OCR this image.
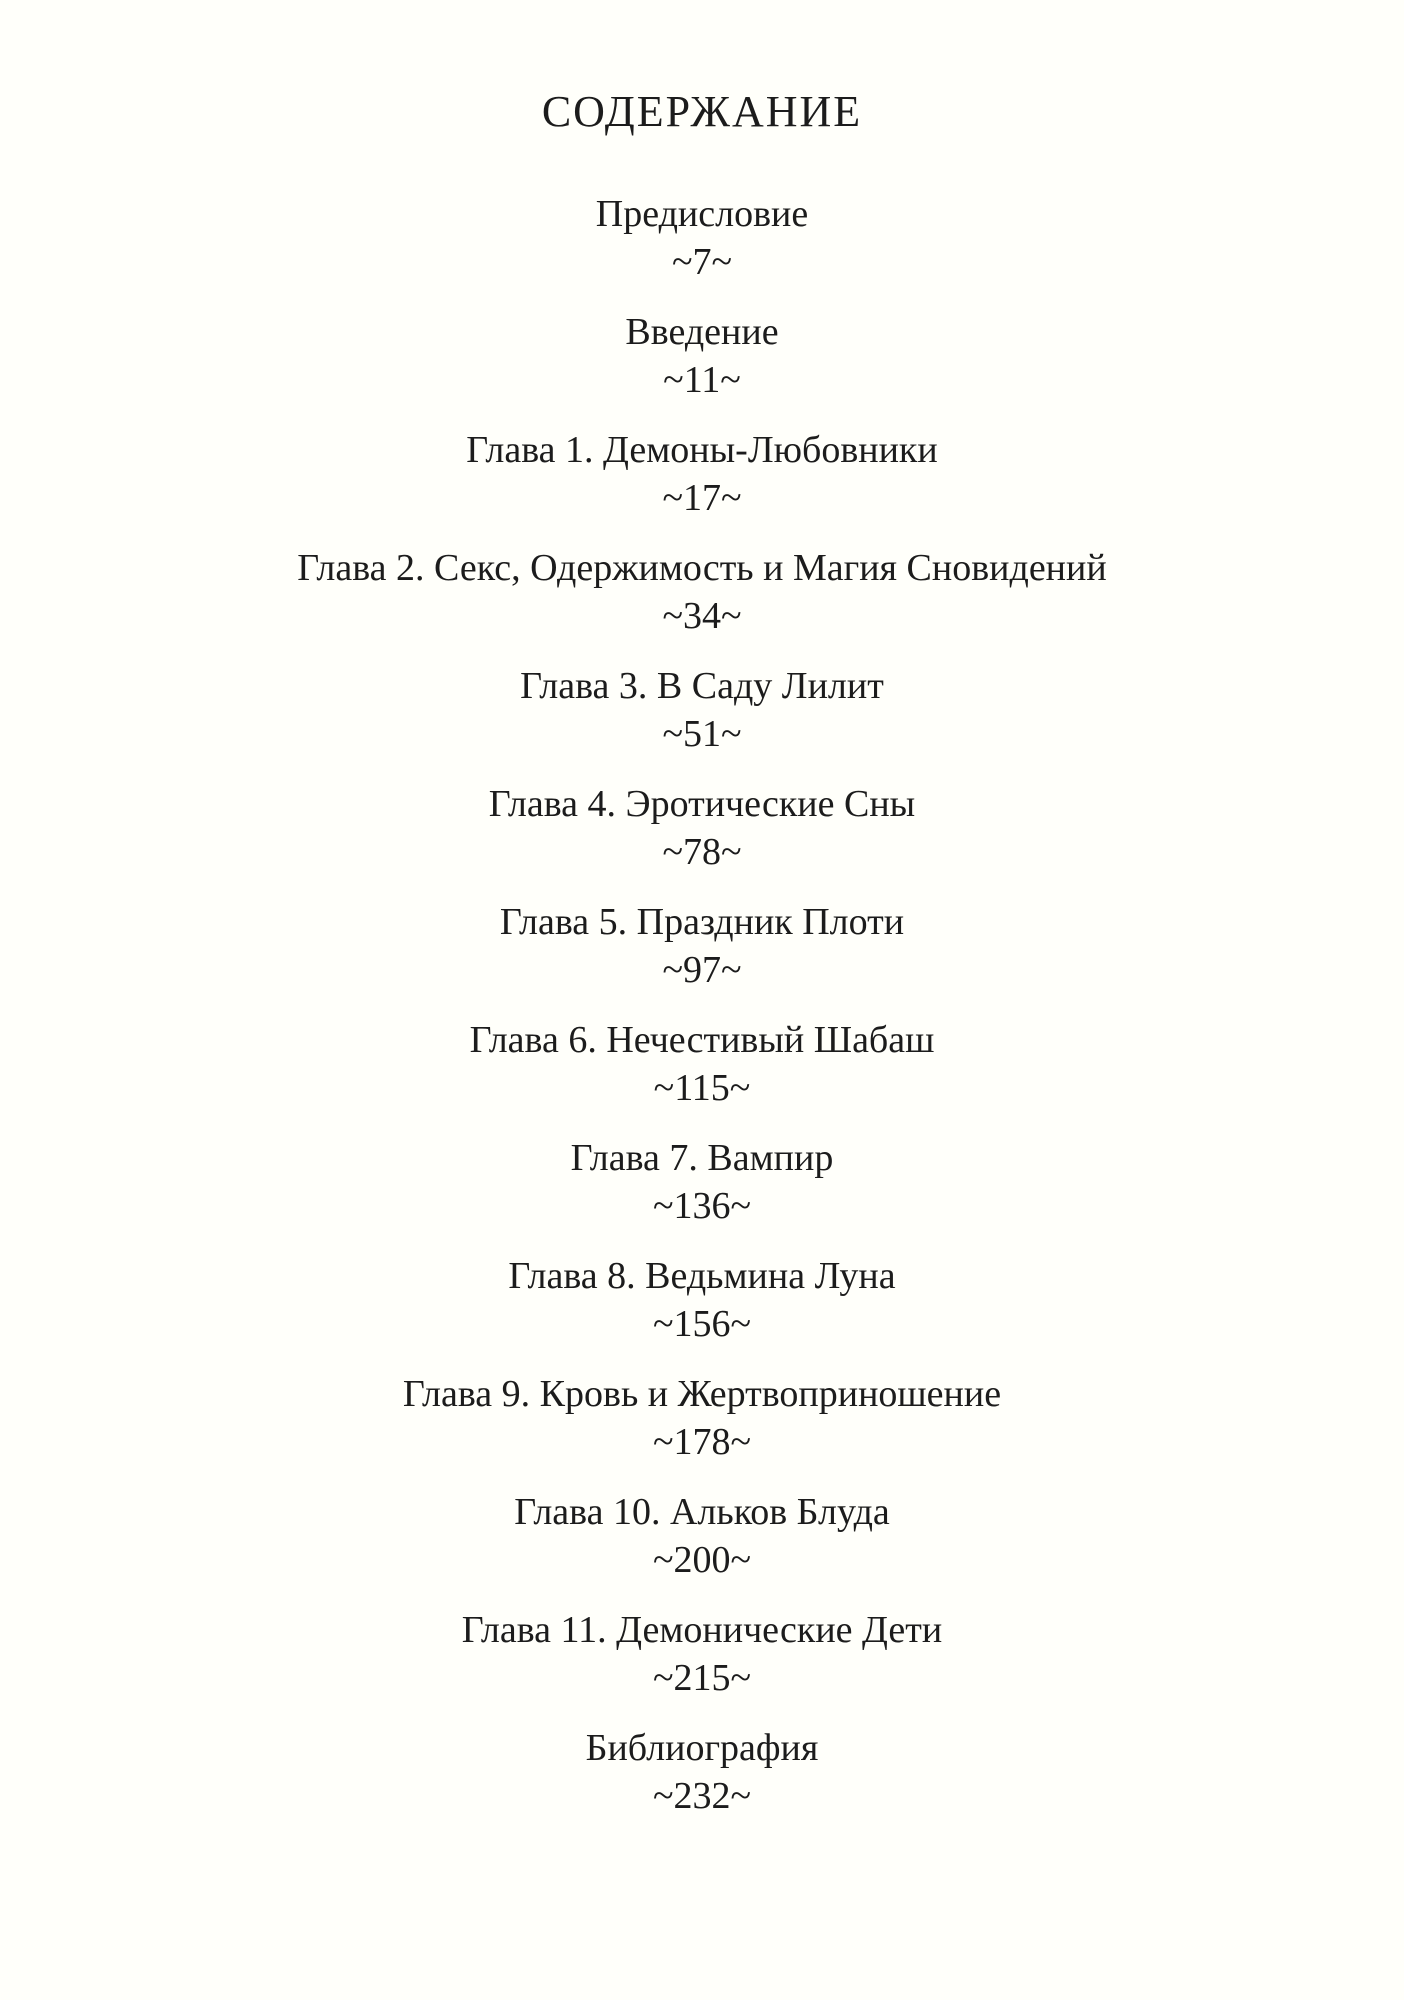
СОДЕРЖАНИЕ
Предисловие
~7~
Введение
~11~
Глава 1. Демоны-Любовники
~17~
Глава 2. Секс, Одержимость и Магия Сновидений
~34~
Глава 3. В Саду Лилит
~51~
Глава 4. Эротические Сны
~78~
Глава 5. Праздник Плоти
~97~
Глава 6. Нечестивый Шабаш
~115~
Глава 7. Вампир
~136~
Глава 8. Ведьмина Луна
~156~
Глава 9. Кровь и Жертвоприношение
~178~
Глава 10. Альков Блуда
~200~
Глава 11. Демонические Дети
~215~
Библиография
~232~
